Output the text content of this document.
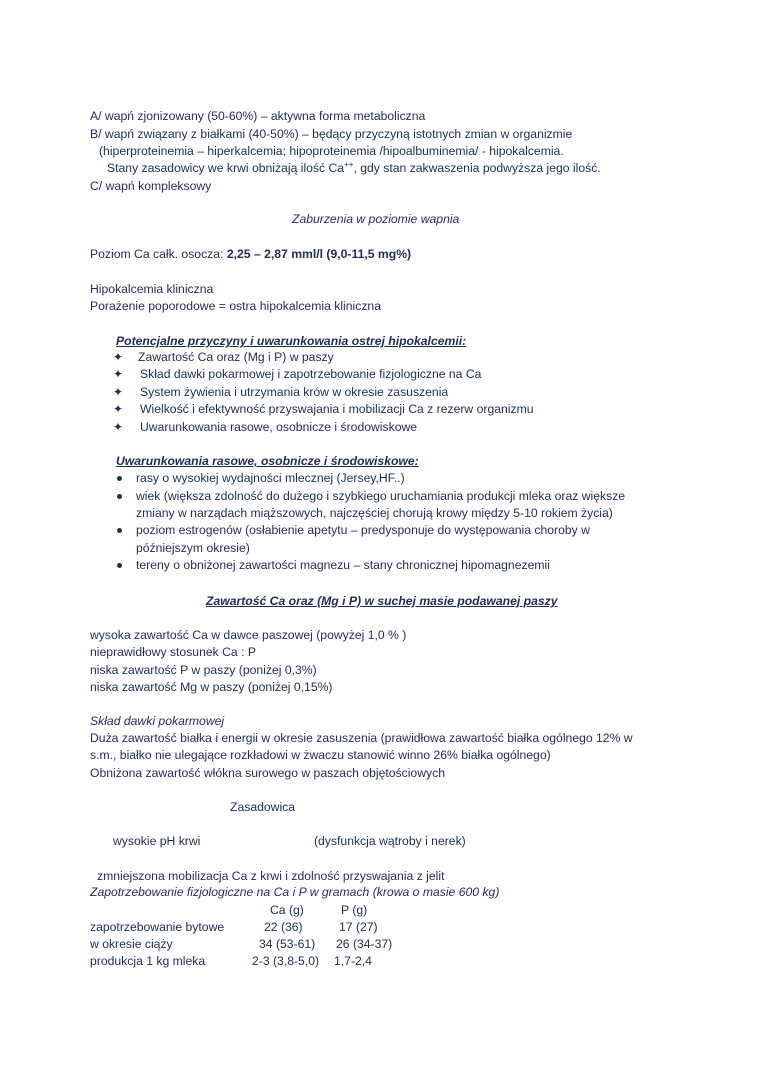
A/ wapń zjonizowany (50-60%) – aktywna forma metaboliczna
B/ wapń związany z białkami (40-50%) – będący przyczyną istotnych zmian w organizmie
(hiperproteinemia – hiperkalcemia; hipoproteinemia /hipoalbuminemia/ - hipokalcemia.
Stany zasadowicy we krwi obniżają ilość Ca++, gdy stan zakwaszenia podwyższa jego ilość.
C/ wapń kompleksowy
Zaburzenia w poziomie wapnia
Poziom Ca całk. osocza: 2,25 – 2,87 mml/l (9,0-11,5 mg%)
Hipokalcemia kliniczna
Porażenie poporodowe = ostra hipokalcemia kliniczna
Potencjalne przyczyny i uwarunkowania ostrej hipokalcemii:
✦ Zawartość Ca oraz (Mg i P) w paszy
✦ Skład dawki pokarmowej i zapotrzebowanie fizjologiczne na Ca
✦ System żywienia i utrzymania krów w okresie zasuszenia
✦ Wielkość i efektywność przyswajania i mobilizacji Ca z rezerw organizmu
✦ Uwarunkowania rasowe, osobnicze i środowiskowe
Uwarunkowania rasowe, osobnicze i środowiskowe:
rasy o wysokiej wydajności mlecznej (Jersey,HF..)
wiek (większa zdolność do dużego i szybkiego uruchamiania produkcji mleka oraz większe
zmiany w narządach miąższowych, najczęściej chorują krowy między 5-10 rokiem życia)
poziom estrogenów (osłabienie apetytu – predysponuje do występowania choroby w
późniejszym okresie)
tereny o obniżonej zawartości magnezu – stany chronicznej hipomagnezemii
Zawartość Ca oraz (Mg i P) w suchej masie podawanej paszy
wysoka zawartość Ca w dawce paszowej (powyżej 1,0 % )
nieprawidłowy stosunek Ca : P
niska zawartość P w paszy (poniżej 0,3%)
niska zawartość Mg w paszy (poniżej 0,15%)
Skład dawki pokarmowej
Duża zawartość białka i energii w okresie zasuszenia (prawidłowa zawartość białka ogólnego 12% w
s.m., białko nie ulegające rozkładowi w żwaczu stanowić winno 26% białka ogólnego)
Obniżona zawartość włókna surowego w paszach objętościowych
Zasadowica
wysokie pH krwi	(dysfunkcja wątroby i nerek)
zmniejszona mobilizacja Ca z krwi i zdolność przyswajania z jelit
Zapotrzebowanie fizjologiczne na Ca i P w gramach (krowa o masie 600 kg)
Ca (g)	P (g)
zapotrzebowanie bytowe	22 (36)	17 (27)
w okresie ciąży	34 (53-61) 26 (34-37)
produkcja 1 kg mleka	2-3 (3,8-5,0) 1,7-2,4
